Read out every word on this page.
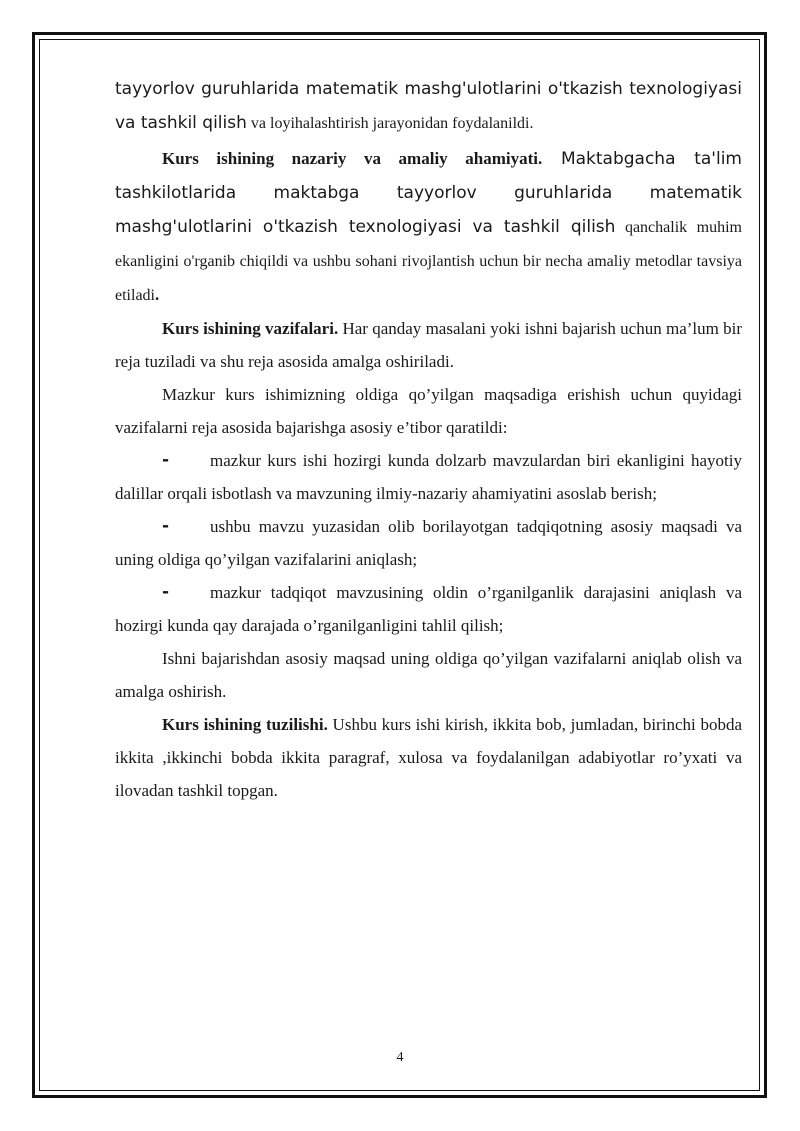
tayyorlov guruhlarida matematik mashg'ulotlarini o'tkazish texnologiyasi va tashkil qilish va loyihalashtirish jarayonidan foydalanildi.

Kurs ishining nazariy va amaliy ahamiyati. Maktabgacha ta'lim tashkilotlarida maktabga tayyorlov guruhlarida matematik mashg'ulotlarini o'tkazish texnologiyasi va tashkil qilish qanchalik muhim ekanligini o'rganib chiqildi va ushbu sohani rivojlantish uchun bir necha amaliy metodlar tavsiya etiladi.

Kurs ishining vazifalari. Har qanday masalani yoki ishni bajarish uchun ma’lum bir reja tuziladi va shu reja asosida amalga oshiriladi.

Mazkur kurs ishimizning oldiga qo’yilgan maqsadiga erishish uchun quyidagi vazifalarni reja asosida bajarishga asosiy e’tibor qaratildi:

- mazkur kurs ishi hozirgi kunda dolzarb mavzulardan biri ekanligini hayotiy dalillar orqali isbotlash va mavzuning ilmiy-nazariy ahamiyatini asoslab berish;

- ushbu mavzu yuzasidan olib borilayotgan tadqiqotning asosiy maqsadi va uning oldiga qo’yilgan vazifalarini aniqlash;

- mazkur tadqiqot mavzusining oldin o’rganilganlik darajasini aniqlash va hozirgi kunda qay darajada o’rganilganligini tahlil qilish;

Ishni bajarishdan asosiy maqsad uning oldiga qo’yilgan vazifalarni aniqlab olish va amalga oshirish.

Kurs ishining tuzilishi. Ushbu kurs ishi kirish, ikkita bob, jumladan, birinchi bobda ikkita ,ikkinchi bobda ikkita paragraf, xulosa va foydalanilgan adabiyotlar ro’yxati va ilovadan tashkil topgan.

4
